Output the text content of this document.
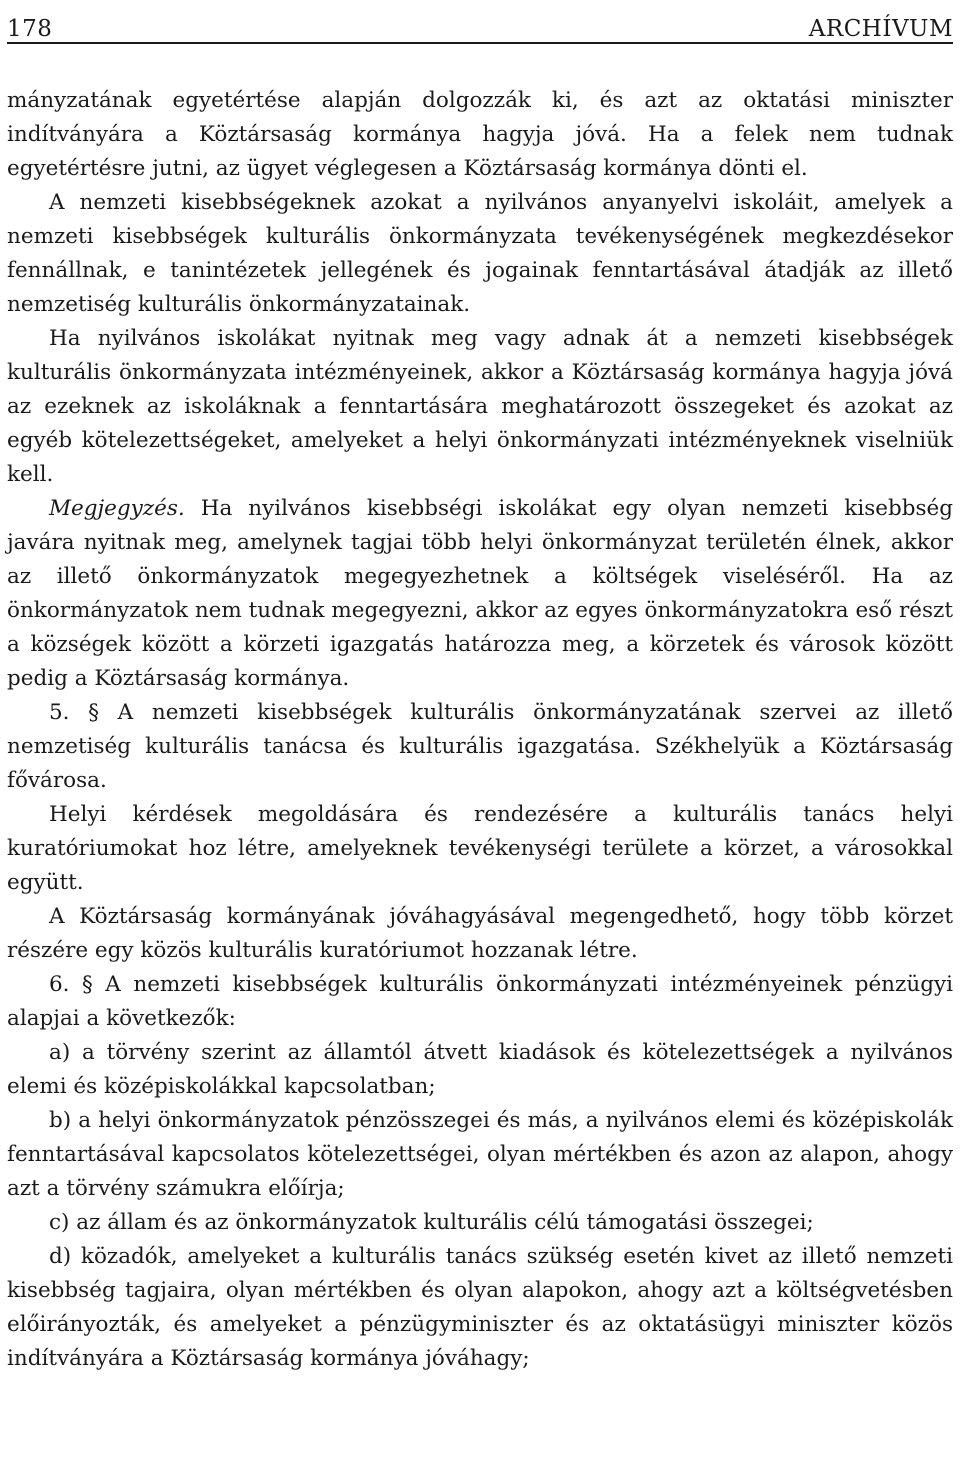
178	ARCHÍVUM

mányzatának egyetértése alapján dolgozzák ki, és azt az oktatási miniszter indítványára a Köztársaság kormánya hagyja jóvá. Ha a felek nem tudnak egyetértésre jutni, az ügyet véglegesen a Köztársaság kormánya dönti el.

A nemzeti kisebbségeknek azokat a nyilvános anyanyelvi iskoláit, amelyek a nemzeti kisebbségek kulturális önkormányzata tevékenységének megkezdésekor fennállnak, e tanintézetek jellegének és jogainak fenntartásával átadják az illető nemzetiség kulturális önkormányzatainak.

Ha nyilvános iskolákat nyitnak meg vagy adnak át a nemzeti kisebbségek kulturális önkormányzata intézményeinek, akkor a Köztársaság kormánya hagyja jóvá az ezeknek az iskoláknak a fenntartására meghatározott összegeket és azokat az egyéb kötelezettségeket, amelyeket a helyi önkormányzati intézményeknek viselniük kell.

Megjegyzés. Ha nyilvános kisebbségi iskolákat egy olyan nemzeti kisebbség javára nyitnak meg, amelynek tagjai több helyi önkormányzat területén élnek, akkor az illető önkormányzatok megegyezhetnek a költségek viseléséről. Ha az önkormányzatok nem tudnak megegyezni, akkor az egyes önkormányzatokra eső részt a községek között a körzeti igazgatás határozza meg, a körzetek és városok között pedig a Köztársaság kormánya.

5. § A nemzeti kisebbségek kulturális önkormányzatának szervei az illető nemzetiség kulturális tanácsa és kulturális igazgatása. Székhelyük a Köztársaság fővárosa.

Helyi kérdések megoldására és rendezésére a kulturális tanács helyi kuratóriumokat hoz létre, amelyeknek tevékenységi területe a körzet, a városokkal együtt.

A Köztársaság kormányának jóváhagyásával megengedhető, hogy több körzet részére egy közös kulturális kuratóriumot hozzanak létre.

6. § A nemzeti kisebbségek kulturális önkormányzati intézményeinek pénzügyi alapjai a következők:

a) a törvény szerint az államtól átvett kiadások és kötelezettségek a nyilvános elemi és középiskolákkal kapcsolatban;

b) a helyi önkormányzatok pénzösszegei és más, a nyilvános elemi és középiskolák fenntartásával kapcsolatos kötelezettségei, olyan mértékben és azon az alapon, ahogy azt a törvény számukra előírja;

c) az állam és az önkormányzatok kulturális célú támogatási összegei;

d) közadók, amelyeket a kulturális tanács szükség esetén kivet az illető nemzeti kisebbség tagjaira, olyan mértékben és olyan alapokon, ahogy azt a költségvetésben előirányozták, és amelyeket a pénzügyminiszter és az oktatásügyi miniszter közös indítványára a Köztársaság kormánya jóváhagy;
